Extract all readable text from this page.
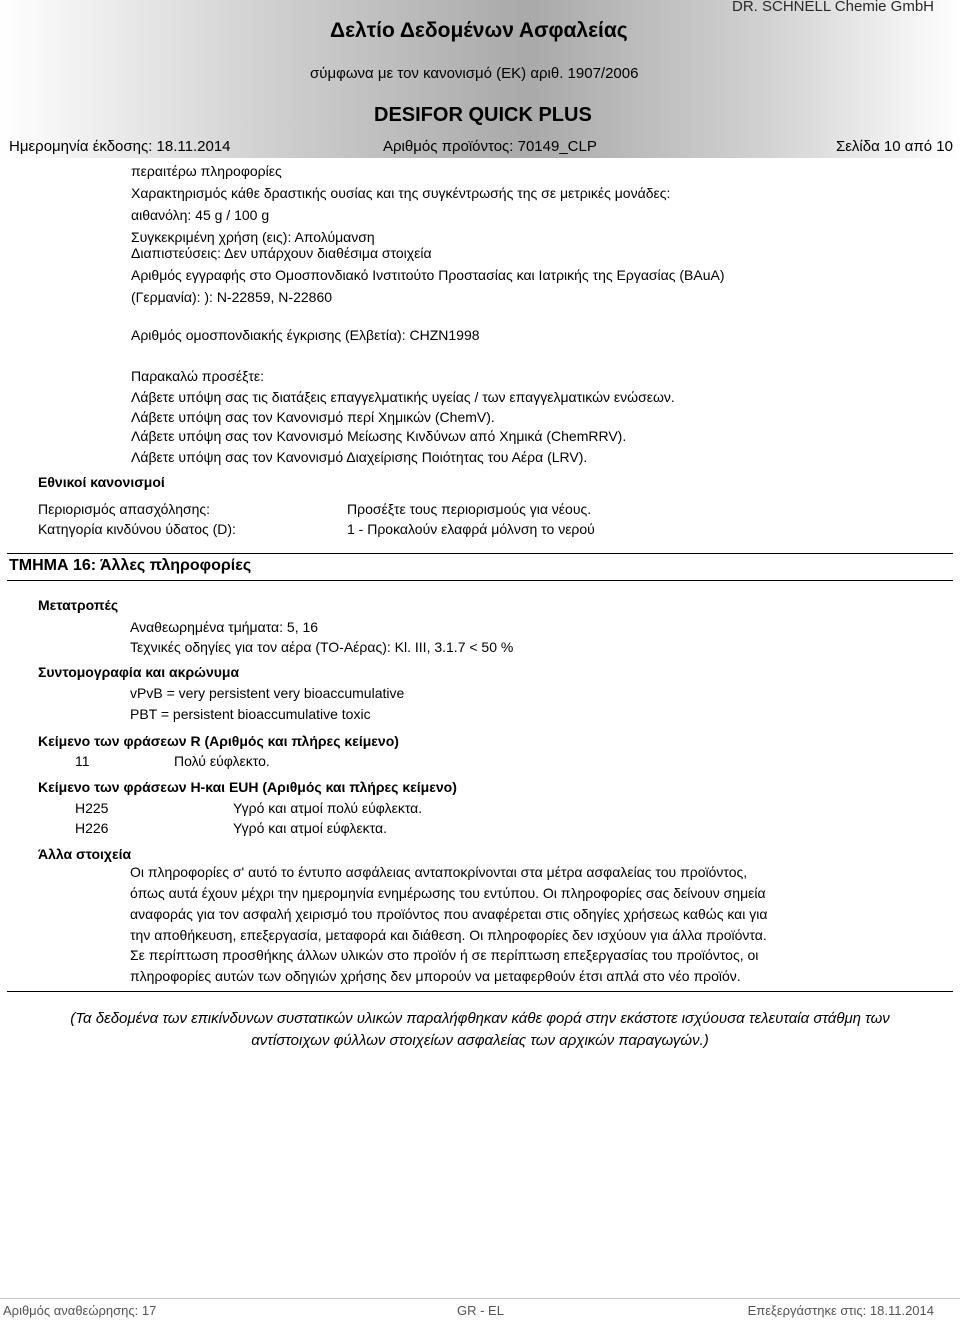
Δελτίο Δεδομένων Ασφαλείας
DR. SCHNELL Chemie GmbH
σύμφωνα με τον κανονισμό (ΕΚ) αριθ. 1907/2006
DESIFOR QUICK PLUS
Ημερομηνία έκδοσης: 18.11.2014	Αριθμός προϊόντος: 70149_CLP	Σελίδα 10 από 10
περαιτέρω πληροφορίες
Χαρακτηρισμός κάθε δραστικής ουσίας και της συγκέντρωσής της σε μετρικές μονάδες:
αιθανόλη: 45 g / 100 g
Συγκεκριμένη χρήση (εις): Απολύμανση
Διαπιστεύσεις: Δεν υπάρχουν διαθέσιμα στοιχεία
Αριθμός εγγραφής στο Ομοσπονδιακό Ινστιτούτο Προστασίας και Ιατρικής της Εργασίας (BAuA)
(Γερμανία): ): N-22859, N-22860
Αριθμός ομοσπονδιακής έγκρισης (Ελβετία): CHZN1998
Παρακαλώ προσέξτε:
Λάβετε υπόψη σας τις διατάξεις επαγγελματικής υγείας / των επαγγελματικών ενώσεων.
Λάβετε υπόψη σας τον Κανονισμό περί Χημικών (ChemV).
Λάβετε υπόψη σας τον Κανονισμό Μείωσης Κινδύνων από Χημικά (ChemRRV).
Λάβετε υπόψη σας τον Κανονισμό Διαχείρισης Ποιότητας του Αέρα (LRV).
Εθνικοί κανονισμοί
Περιορισμός απασχόλησης:	Προσέξτε τους περιορισμούς για νέους.
Κατηγορία κινδύνου ύδατος (D):	1 - Προκαλούν ελαφρά μόλνση το νερού
ΤΜΗΜΑ 16: Άλλες πληροφορίες
Μετατροπές
Αναθεωρημένα τμήματα: 5, 16
Τεχνικές οδηγίες για τον αέρα (ΤΟ-Αέρας): Kl. III, 3.1.7 < 50 %
Συντομογραφία και ακρώνυμα
vPvB = very persistent very bioaccumulative
PBT = persistent bioaccumulative toxic
Κείμενο των φράσεων R (Αριθμός και πλήρες κείμενο)
11	Πολύ εύφλεκτο.
Κείμενο των φράσεων H-και EUH (Αριθμός και πλήρες κείμενο)
H225	Υγρό και ατμοί πολύ εύφλεκτα.
H226	Υγρό και ατμοί εύφλεκτα.
Άλλα στοιχεία
Οι πληροφορίες σ' αυτό το έντυπο ασφάλειας ανταποκρίνονται στα μέτρα ασφαλείας του προϊόντος,
όπως αυτά έχουν μέχρι την ημερομηνία ενημέρωσης του εντύπου. Οι πληροφορίες σας δείνουν σημεία
αναφοράς για τον ασφαλή χειρισμό του προϊόντος που αναφέρεται στις οδηγίες χρήσεως καθώς και για
την αποθήκευση, επεξεργασία, μεταφορά και διάθεση. Οι πληροφορίες δεν ισχύουν για άλλα προϊόντα.
Σε περίπτωση προσθήκης άλλων υλικών στο προϊόν ή σε περίπτωση επεξεργασίας του προϊόντος, οι
πληροφορίες αυτών των οδηγιών χρήσης δεν μπορούν να μεταφερθούν έτσι απλά στο νέο προϊόν.
(Τα δεδομένα των επικίνδυνων συστατικών υλικών παραλήφθηκαν κάθε φορά στην εκάστοτε ισχύουσα τελευταία στάθμη των αντίστοιχων φύλλων στοιχείων ασφαλείας των αρχικών παραγωγών.)
Αριθμός αναθεώρησης: 17	GR - EL	Επεξεργάστηκε στις: 18.11.2014
